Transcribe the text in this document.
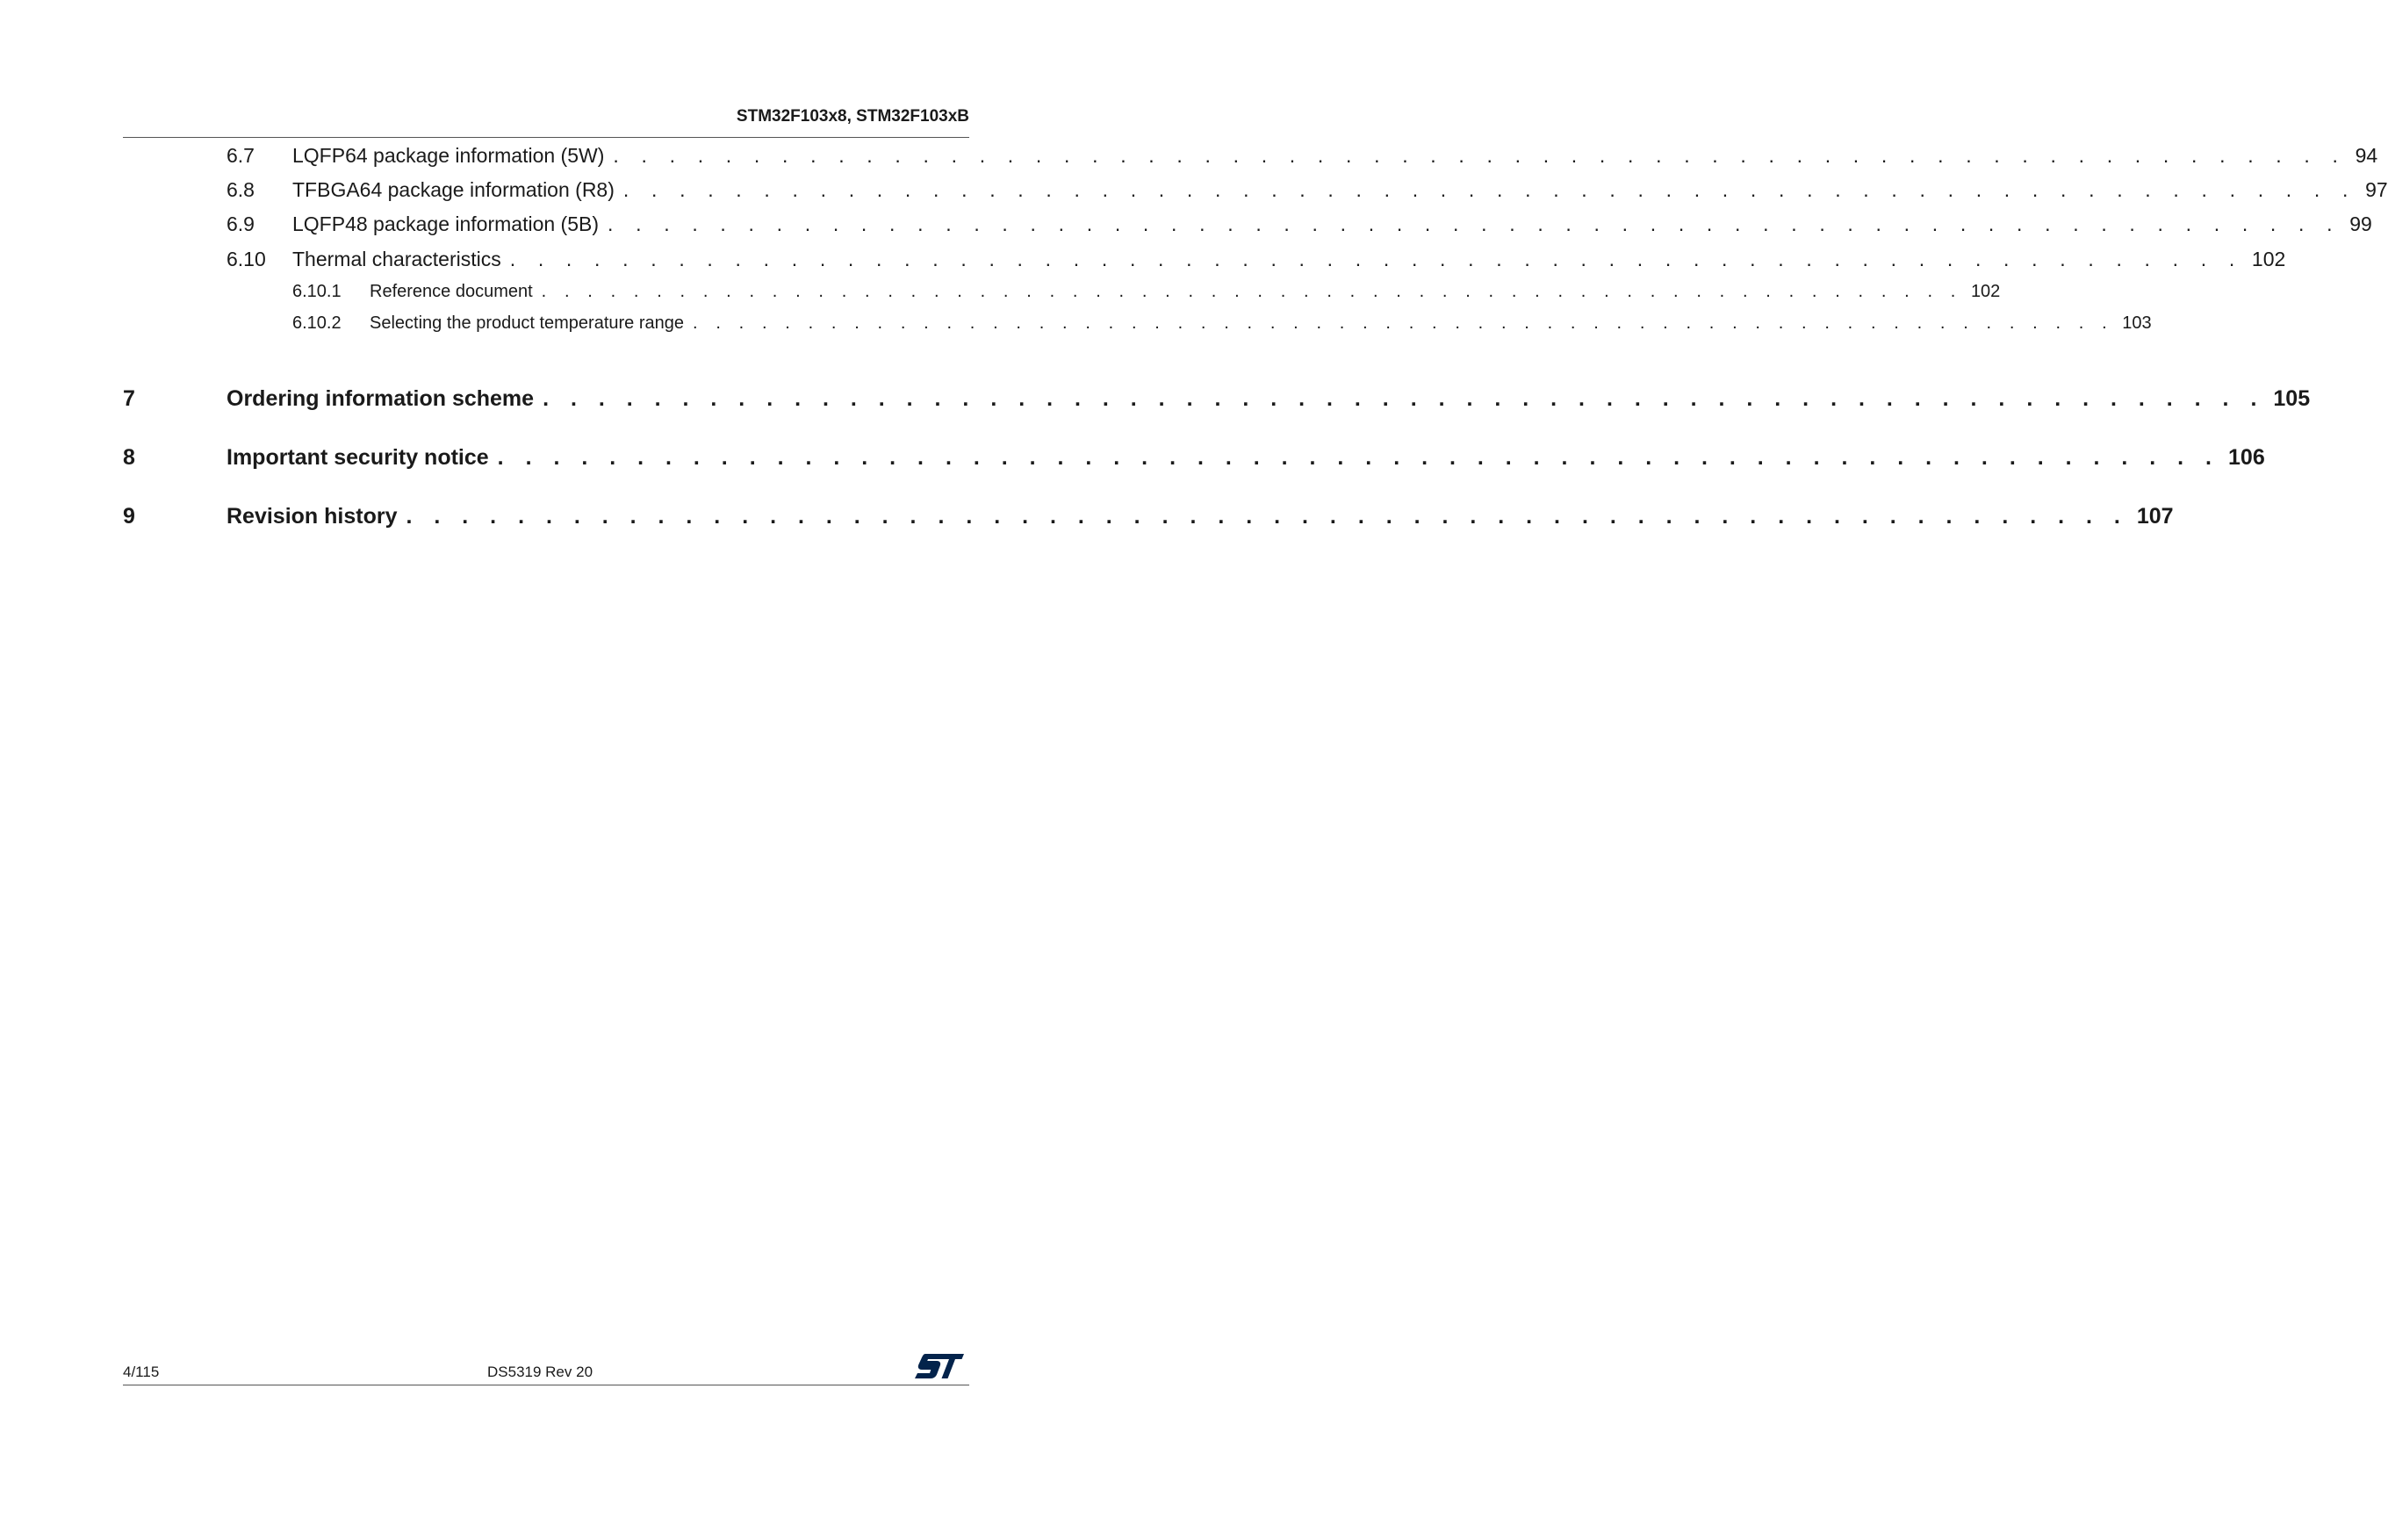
STM32F103x8, STM32F103xB
6.7	LQFP64 package information (5W) . . . . . . . . . . . . . . . . . . . . . . . . . . . . . . . . . . . . . . . . . . . . . . . . . . . . . . . . . . . . . . 94
6.8	TFBGA64 package information (R8) . . . . . . . . . . . . . . . . . . . . . . . . . . . . . . . . . . . . . . . . . . . . . . . . . . . . . . . . . . . . . . 97
6.9	LQFP48 package information (5B) . . . . . . . . . . . . . . . . . . . . . . . . . . . . . . . . . . . . . . . . . . . . . . . . . . . . . . . . . . . . . . 99
6.10	Thermal characteristics . . . . . . . . . . . . . . . . . . . . . . . . . . . . . . . . . . . . . . . . . . . . . . . . . . . . . . . . . . . . . . 102
6.10.1	Reference document . . . . . . . . . . . . . . . . . . . . . . . . . . . . . . . . . . . . . . . . . . . . . . . . . . . . . . . . . . . . . . 102
6.10.2	Selecting the product temperature range . . . . . . . . . . . . . . . . . . . . . . . . . . . . . . . . . . . . . . . . . . . . . . . . . . . . . . . . . . . . . . 103
7	Ordering information scheme . . . . . . . . . . . . . . . . . . . . . . . . . . . . . . . . . . . . . . . . . . . . . . . . . . . . . . . . . . . . . . 105
8	Important security notice . . . . . . . . . . . . . . . . . . . . . . . . . . . . . . . . . . . . . . . . . . . . . . . . . . . . . . . . . . . . . . 106
9	Revision history . . . . . . . . . . . . . . . . . . . . . . . . . . . . . . . . . . . . . . . . . . . . . . . . . . . . . . . . . . . . . . 107
4/115	DS5319 Rev 20
